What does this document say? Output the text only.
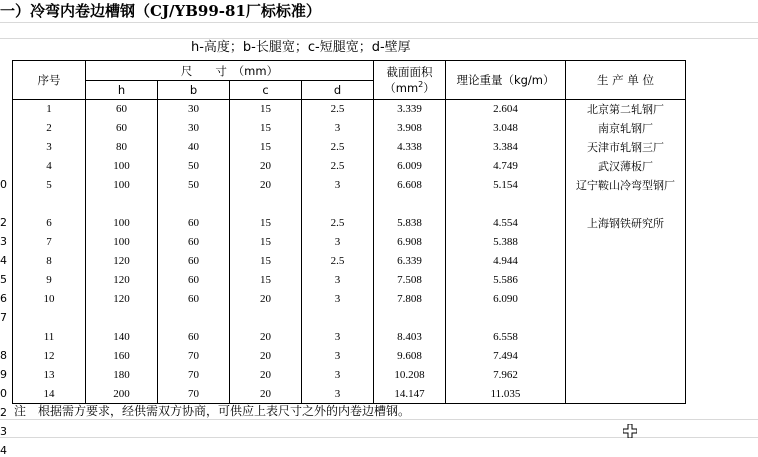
一）冷弯内卷边槽钢（CJ/YB99-81厂标标准）
h-高度；b-长腿宽；c-短腿宽；d-壁厚
序号	尺　　寸　（mm）				截面面积
$(mm^2)$	理论重量（kg/m）	生 产 单 位
	h	b	c	d			
1	60	30	15	2.5	3.339	2.604	北京第二轧钢厂
2	60	30	15	3	3.908	3.048	南京轧钢厂
3	80	40	15	2.5	4.338	3.384	天津市轧钢三厂
4	100	50	20	2.5	6.009	4.749	武汉薄板厂
5	100	50	20	3	6.608	5.154	辽宁鞍山冷弯型钢厂

6	100	60	15	2.5	5.838	4.554	上海钢铁研究所
7	100	60	15	3	6.908	5.388	
8	120	60	15	2.5	6.339	4.944	
9	120	60	15	3	7.508	5.586	
10	120	60	20	3	7.808	6.090	

11	140	60	20	3	8.403	6.558	
12	160	70	20	3	9.608	7.494	
13	180	70	20	3	10.208	7.962	
14	200	70	20	3	14.147	11.035	
0
2
3
4
5
6
7
8
9
0
2
3
4
注　根据需方要求，经供需双方协商，可供应上表尺寸之外的内卷边槽钢。
